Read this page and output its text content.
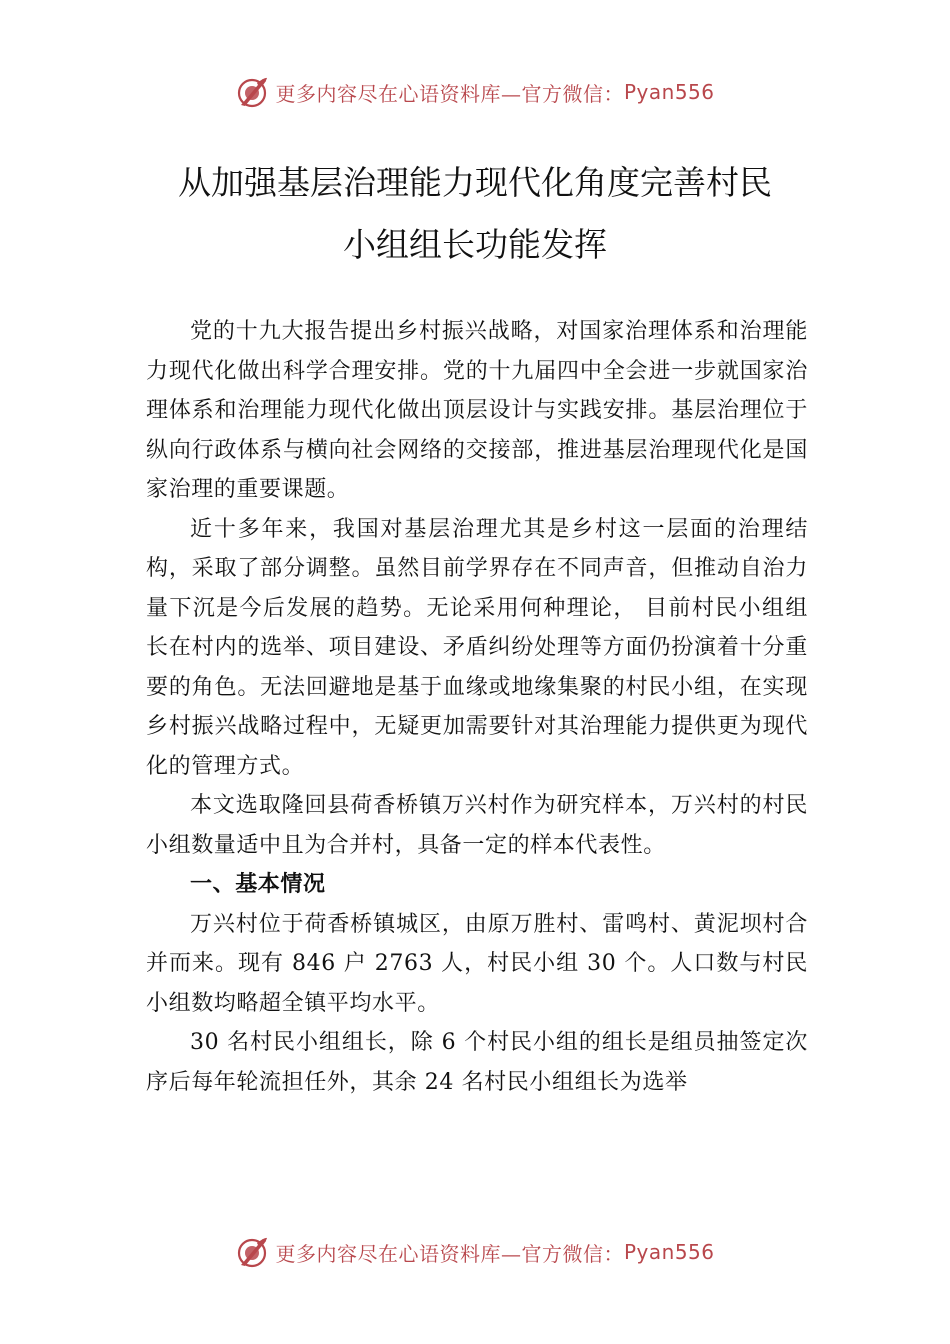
更多内容尽在心语资料库—官方微信： Pyan556
从加强基层治理能力现代化角度完善村民
小组组长功能发挥

党的十九大报告提出乡村振兴战略，对国家治理体系和治理能力现代化做出科学合理安排。党的十九届四中全会进一步就国家治理体系和治理能力现代化做出顶层设计与实践安排。基层治理位于纵向行政体系与横向社会网络的交接部，推进基层治理现代化是国家治理的重要课题。

近十多年来，我国对基层治理尤其是乡村这一层面的治理结构，采取了部分调整。虽然目前学界存在不同声音，但推动自治力量下沉是今后发展的趋势。无论采用何种理论， 目前村民小组组长在村内的选举、项目建设、矛盾纠纷处理等方面仍扮演着十分重要的角色。无法回避地是基于血缘或地缘集聚的村民小组，在实现乡村振兴战略过程中，无疑更加需要针对其治理能力提供更为现代化的管理方式。

本文选取隆回县荷香桥镇万兴村作为研究样本，万兴村的村民小组数量适中且为合并村，具备一定的样本代表性。

一、基本情况

万兴村位于荷香桥镇城区，由原万胜村、雷鸣村、黄泥坝村合并而来。现有 846 户 2763 人，村民小组 30 个。人口数与村民小组数均略超全镇平均水平。

30 名村民小组组长，除 6 个村民小组的组长是组员抽签定次序后每年轮流担任外，其余 24 名村民小组组长为选举

更多内容尽在心语资料库—官方微信： Pyan556
